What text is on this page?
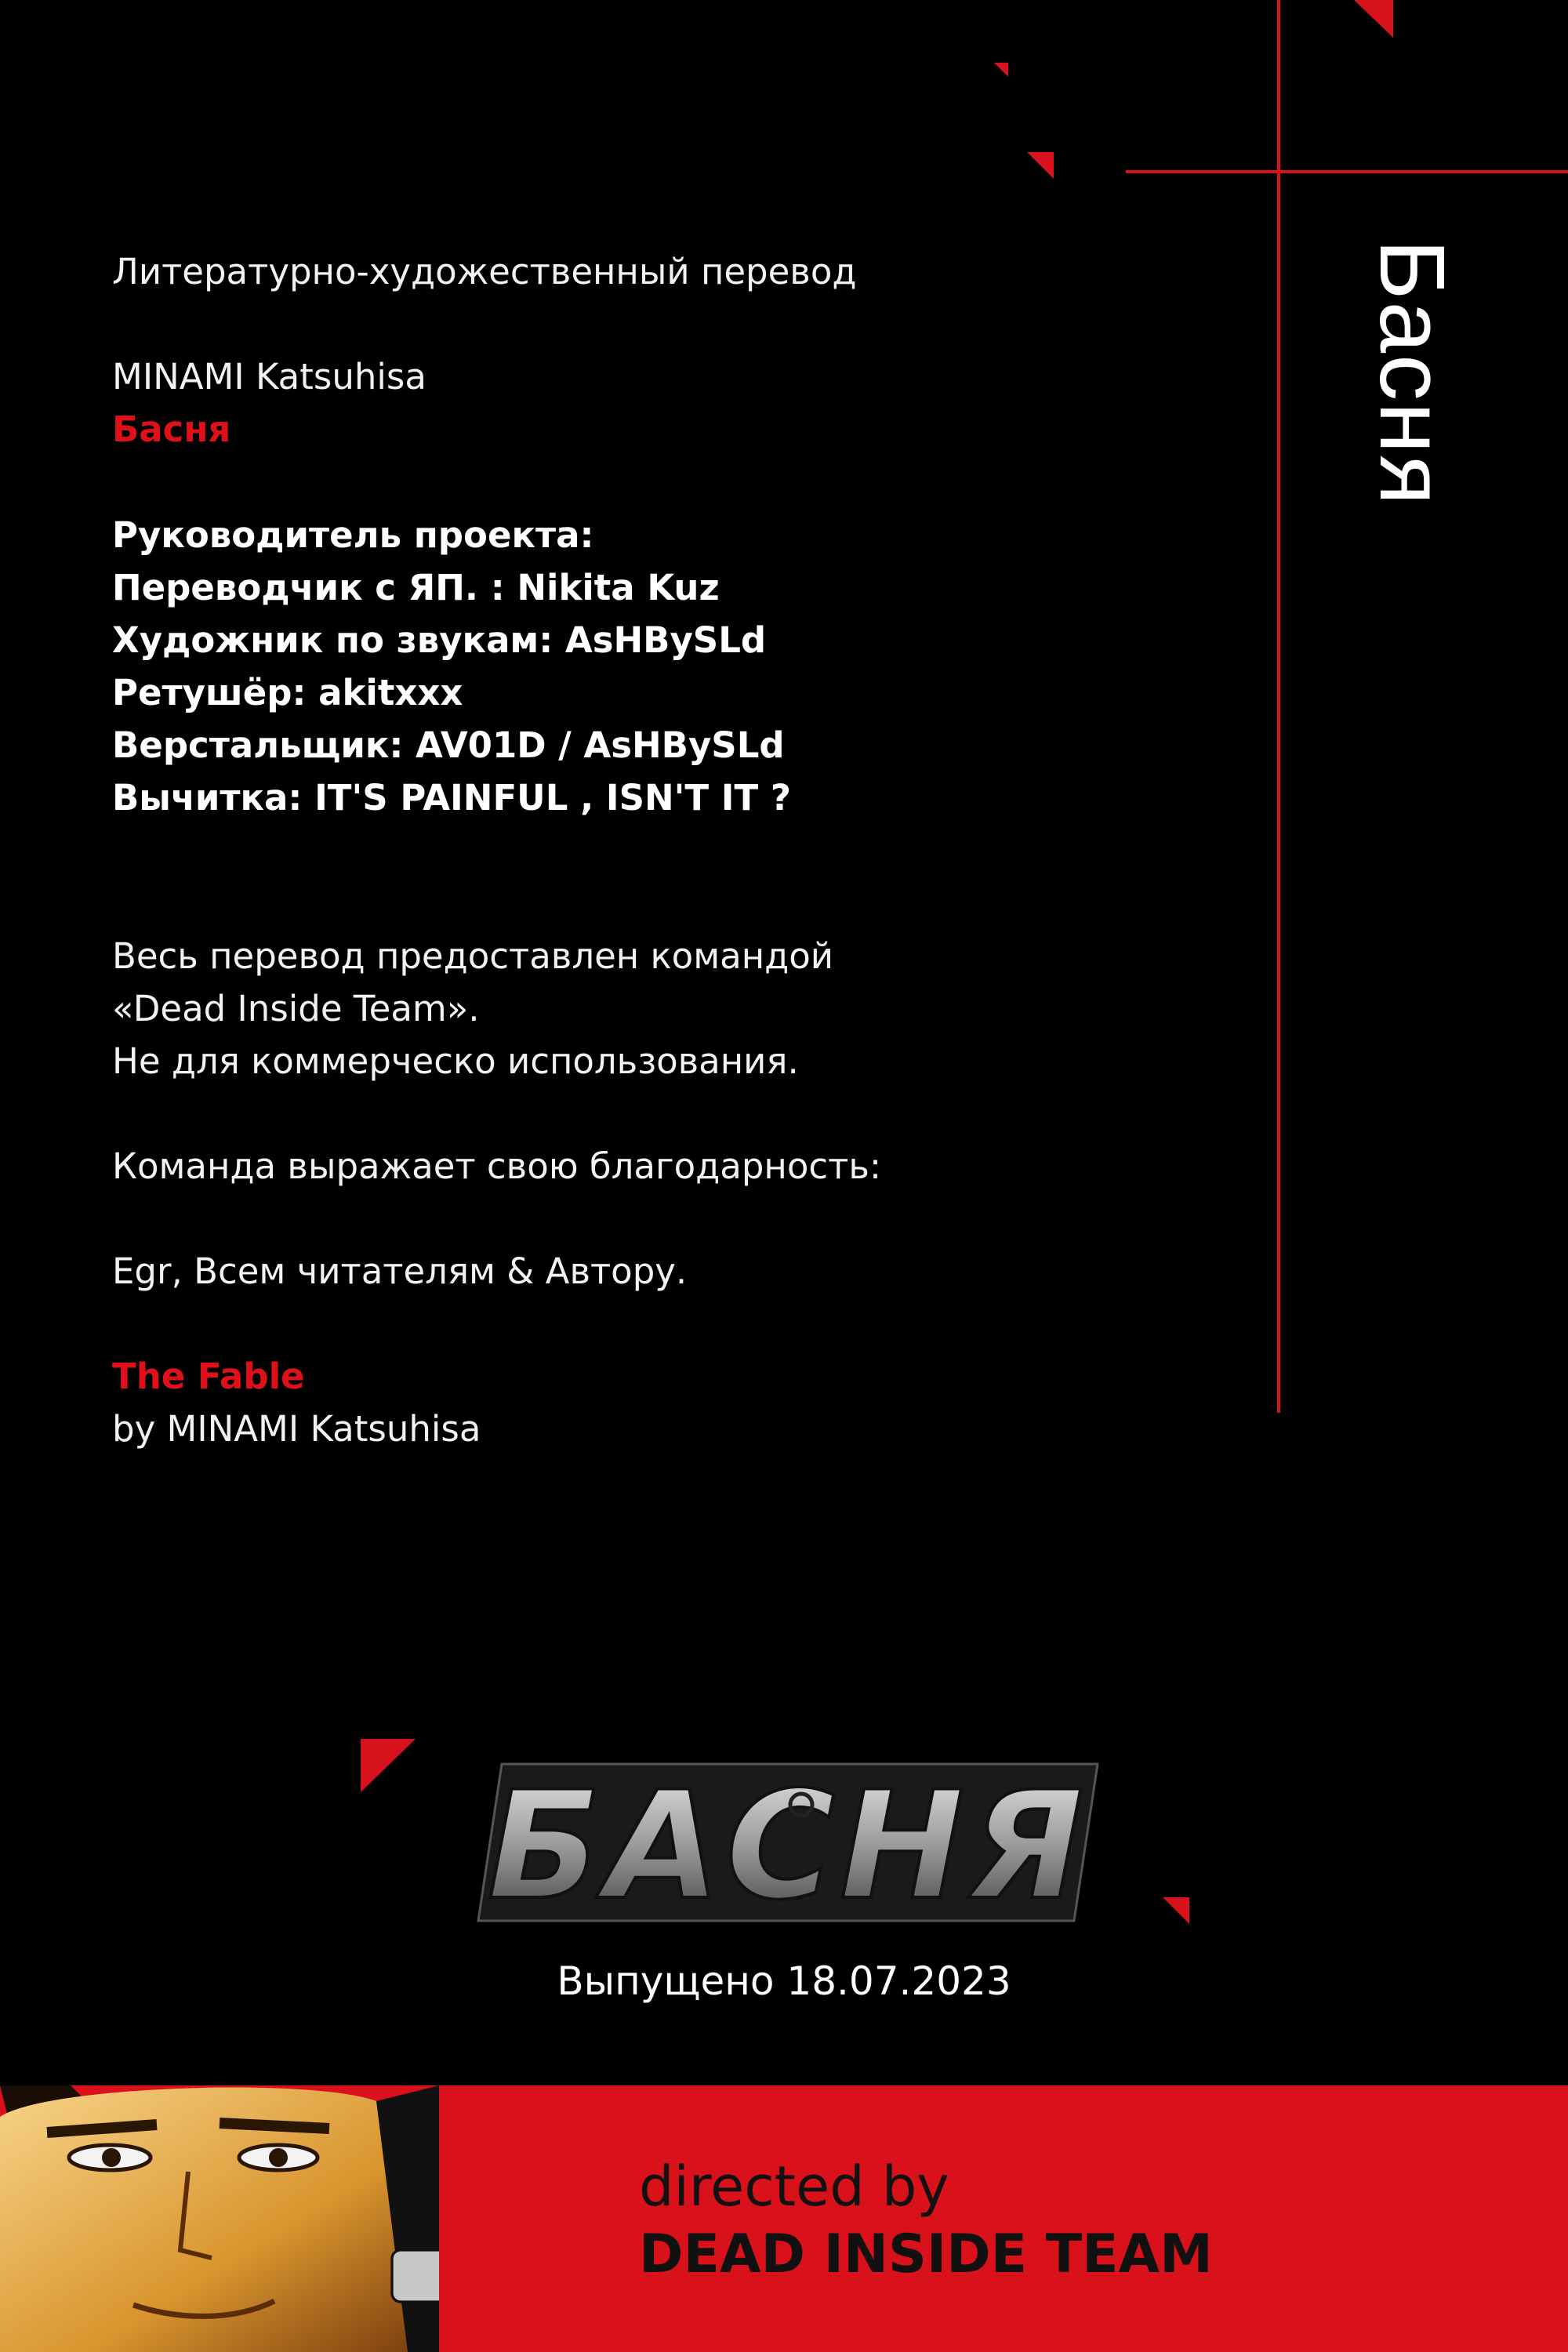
Литературно-художественный перевод
MINAMI Katsuhisa
Басня
Руководитель проекта:
Переводчик с ЯП. : Nikita Kuz
Художник по звукам: AsHBySLd
Ретушёр: akitxxx
Верстальщик: AV01D / AsHBySLd
Вычитка: IT'S PAINFUL , ISN'T IT ?
Весь перевод предоставлен командой
«Dead Inside Team».
Не для коммерческо использования.
Команда выражает свою благодарность:
Egr, Всем читателям & Автору.
The Fable
by MINAMI Katsuhisa
Басня
БАСНЯ
Выпущено 18.07.2023
directed by
DEAD INSIDE TEAM
